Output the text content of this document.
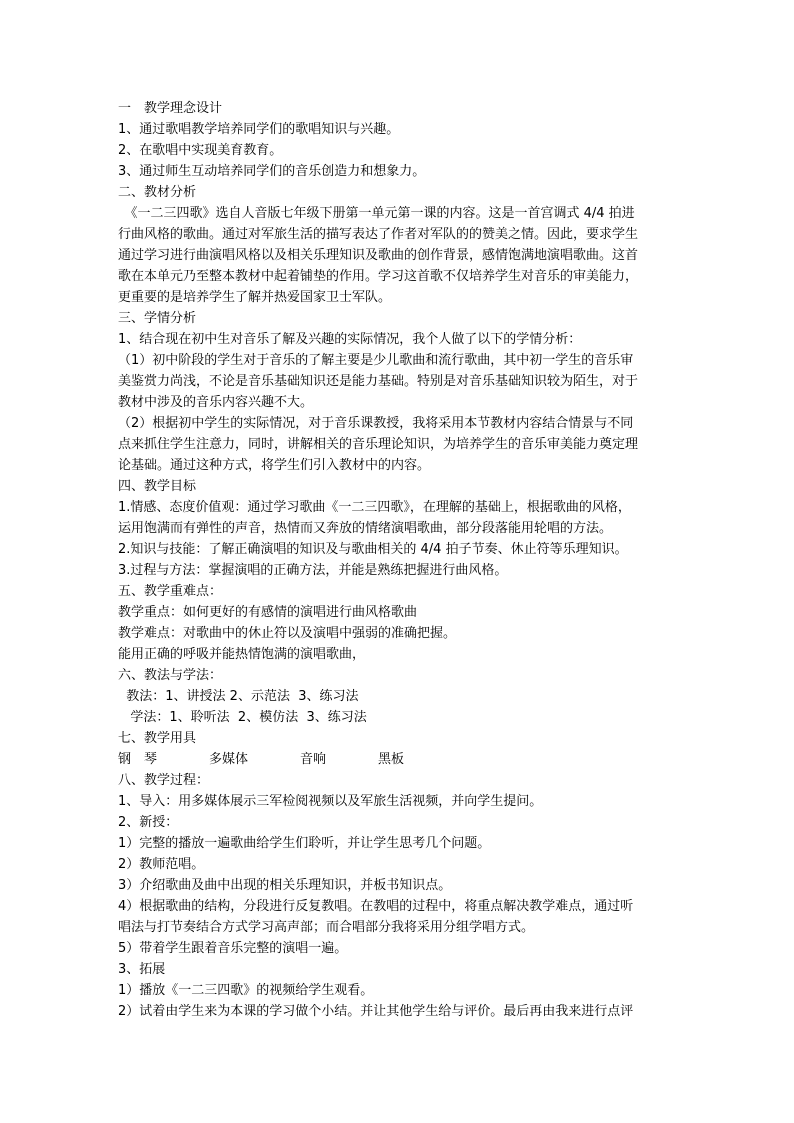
一　教学理念设计
1、通过歌唱教学培养同学们的歌唱知识与兴趣。
2、在歌唱中实现美育教育。
3、通过师生互动培养同学们的音乐创造力和想象力。
二、教材分析
　《一二三四歌》选自人音版七年级下册第一单元第一课的内容。这是一首宫调式 4/4 拍进
行曲风格的歌曲。通过对军旅生活的描写表达了作者对军队的的赞美之情。因此，要求学生
通过学习进行曲演唱风格以及相关乐理知识及歌曲的创作背景，感情饱满地演唱歌曲。这首
歌在本单元乃至整本教材中起着铺垫的作用。学习这首歌不仅培养学生对音乐的审美能力，
更重要的是培养学生了解并热爱国家卫士军队。
三、学情分析
1、结合现在初中生对音乐了解及兴趣的实际情况，我个人做了以下的学情分析：
（1）初中阶段的学生对于音乐的了解主要是少儿歌曲和流行歌曲，其中初一学生的音乐审
美鉴赏力尚浅，不论是音乐基础知识还是能力基础。特别是对音乐基础知识较为陌生，对于
教材中涉及的音乐内容兴趣不大。
（2）根据初中学生的实际情况，对于音乐课教授，我将采用本节教材内容结合情景与不同
点来抓住学生注意力，同时，讲解相关的音乐理论知识，为培养学生的音乐审美能力奠定理
论基础。通过这种方式，将学生们引入教材中的内容。
四、教学目标
1.情感、态度价值观：通过学习歌曲《一二三四歌》，在理解的基础上，根据歌曲的风格，
运用饱满而有弹性的声音，热情而又奔放的情绪演唱歌曲，部分段落能用轮唱的方法。
2.知识与技能：了解正确演唱的知识及与歌曲相关的 4/4 拍子节奏、休止符等乐理知识。
3.过程与方法：掌握演唱的正确方法，并能是熟练把握进行曲风格。
五、教学重难点：
教学重点：如何更好的有感情的演唱进行曲风格歌曲
教学难点：对歌曲中的休止符以及演唱中强弱的准确把握。
能用正确的呼吸并能热情饱满的演唱歌曲，
六、教法与学法：
教法：1、讲授法 2、示范法  3、练习法
学法：1、聆听法  2、模仿法  3、练习法
七、教学用具
钢　琴　　　　多媒体　　　　音响　　　　黑板
八、教学过程：
1、导入：用多媒体展示三军检阅视频以及军旅生活视频，并向学生提问。
2、新授：
1）完整的播放一遍歌曲给学生们聆听，并让学生思考几个问题。
2）教师范唱。
3）介绍歌曲及曲中出现的相关乐理知识，并板书知识点。
4）根据歌曲的结构，分段进行反复教唱。在教唱的过程中，将重点解决教学难点，通过听
唱法与打节奏结合方式学习高声部；而合唱部分我将采用分组学唱方式。
5）带着学生跟着音乐完整的演唱一遍。
3、拓展
1）播放《一二三四歌》的视频给学生观看。
2）试着由学生来为本课的学习做个小结。并让其他学生给与评价。最后再由我来进行点评
